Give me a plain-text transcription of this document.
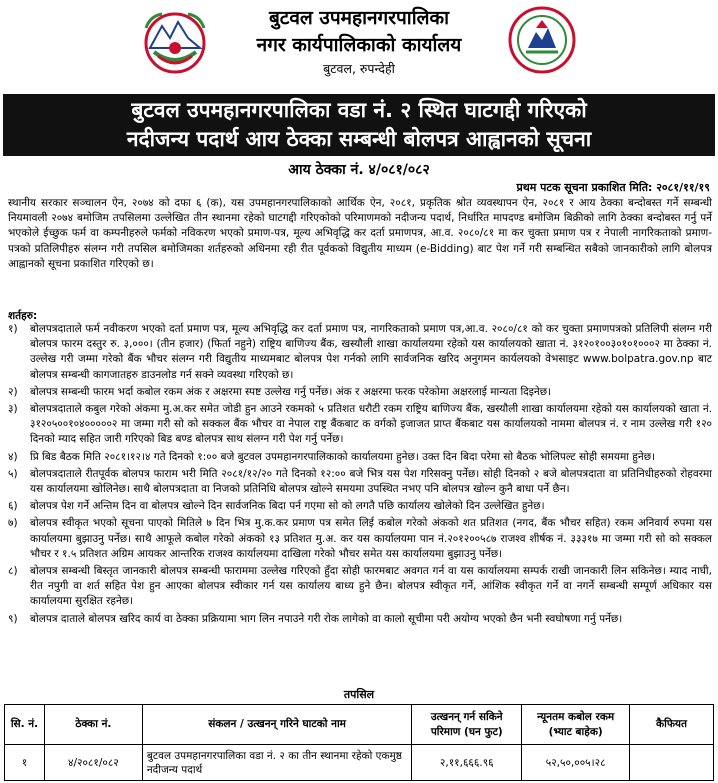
बुटवल उपमहानगरपालिका
नगर कार्यपालिकाको कार्यालय
बुटवल, रुपन्देही
बुटवल उपमहानगरपालिका वडा नं. २ स्थित घाटगद्दी गरिएको
नदीजन्य पदार्थ आय ठेक्का सम्बन्धी बोलपत्र आह्वानको सूचना
आय ठेक्का नं. ४/०८१/०८२
प्रथम पटक सूचना प्रकाशित मिति: २०८१/११/१९
स्थानीय सरकार सञ्चालन ऐन, २०७४ को दफा ६ (क), यस उपमहानगरपालिकाको आर्थिक ऐन, २०८१, प्रकृतिक श्रोत व्यवस्थापन ऐन, २०८१ र आय ठेक्का बन्दोबस्त गर्ने सम्बन्धी नियमावली २०७४ बमोजिम तपसिलमा उल्लेखित तीन स्थानमा रहेको घाटगद्दी गरिएकोको परिमाणमको नदीजन्य पदार्थ, निर्धारित मापदण्ड बमोजिम बिक्रीको लागि ठेक्का बन्दोबस्त गर्नु पर्ने भएकोले ईच्छुक फर्म वा कम्पनीहरुले फर्मको नविकरण भएको प्रमाण-पत्र, मूल्य अभिवृद्धि कर दर्ता प्रमाणपत्र, आ.व. २०८०/८१ मा कर चुक्ता प्रमाण पत्र र नेपाली नागरिकताको प्रमाण-पत्रको प्रतिलिपीहरु संलग्न गरी तपसिल बमोजिमका शर्तहरुको अधिनमा रही रीत पूर्वकको विद्युतीय माध्यम (e-Bidding) बाट पेश गर्ने गरी सम्बन्धित सबैको जानकारीको लागि बोलपत्र आह्वानको सूचना प्रकाशित गरिएको छ।
शर्तहरु:
१)	बोलपत्रदाताले फर्म नवीकरण भएको दर्ता प्रमाण पत्र, मूल्य अभिवृद्धि कर दर्ता प्रमाण पत्र, नागरिकताको प्रमाण पत्र,आ.व. २०८०/८१ को कर चुक्ता प्रमाणपत्रको प्रतिलिपी संलग्न गरी बोलपत्र फारम दस्तुर रु. ३,०००। (तीन हजार) (फिर्ता नहुने) राष्ट्रिय बाणिज्य बैंक, खस्यौली शाखा कार्यालयमा रहेको यस कार्यालयको खाता नं. ३१२०१००३०१०१०००२ मा ठेक्का नं. उल्लेख गरी जम्मा गरेको बैंक भौचर संलग्न गरी विद्युतीय माध्यमबाट बोलपत्र पेश गर्नको लागि सार्वजनिक खरिद अनुगमन कार्यलयको वेभसाइट www.bolpatra.gov.np बाट बोलपत्र सम्बन्धी कागजातहरु डाउनलोड गर्न सक्ने व्यवस्था गरिएको छ।
२)	बोलपत्र सम्बन्धी फारम भर्दा कबोल रकम अंक र अक्षरमा स्पष्ट उल्लेख गर्नु पर्नेछ। अंक र अक्षरमा फरक परेकोमा अक्षरलाई मान्यता दिइनेछ।
३)	बोलपत्रदाताले कबुल गरेको अंकमा मु.अ.कर समेत जोडी हुन आउने रकमको ५ प्रतिशत धरौटी रकम राष्ट्रिय बाणिज्य बैंक, खस्यौली शाखा कार्यालयमा रहेको यस कार्यालयको खाता नं. ३१२०५००१०४०००००२ मा जम्मा गरी सो को सक्कल बैंक भौचर वा नेपाल राष्ट्र बैंकबाट क वर्गको इजाजत प्राप्त बैंकबाट यस कार्यालयको नाममा बोलपत्र नं. र नाम उल्लेख गरी १२० दिनको म्याद सहित जारी गरिएको बिड बण्ड बोलपत्र साथ संलग्न गरी पेश गर्नु पर्नेछ।
४)	प्रि बिड बैठक मिति २०८१।१२।४ गते दिनको १:०० बजे बुटवल उपमहानगरपालिकाको कार्यालयमा हुनेछ। उक्त दिन बिदा परेमा सो बैठक भोलिपल्ट सोही समयमा हुनेछ।
५)	बोलपत्रदाताले रीतपूर्वक बोलपत्र फाराम भरी मिति २०८१/१२/२० गते दिनको १२:०० बजे भित्र यस पेश गरिसक्नु पर्नेछ। सोही दिनको २ बजे बोलपत्रदाता वा प्रतिनिधीहरुको रोहवरमा यस कार्यालयमा खोलिनेछ। साथै बोलपत्रदाता वा निजको प्रतिनिधि बोलपत्र खोल्ने समयमा उपस्थित नभए पनि बोलपत्र खोल्न कुनै बाधा पर्ने छैन।
६)	बोलपत्र पेश गर्ने अन्तिम दिन वा बोलपत्र खोल्ने दिन सार्वजनिक बिदा पर्न गएमा सो को लगतै पछि कार्यालय खोलेको दिन उल्लेखित हुनेछ।
७)	बोलपत्र स्वीकृत भएको सूचना पाएको मितिले ७ दिन भित्र मु.क.कर प्रमाण पत्र समेत लिई कबोल गरेको अंकको शत प्रतिशत (नगद, बैंक भौचर सहित) रकम अनिवार्य रुपमा यस कार्यालयमा बुझाउनु पर्नेछ। साथै आफूले कबोल गरेको अंकको १३ प्रतिशत मु.अ. कर यस कार्यालयमा पान नं.२०१२००५८७ राजश्व शीर्षक नं. ३३३१७ मा जम्मा गरी सो को सक्कल भौचर र १.५ प्रतिशत अग्रिम आयकर आन्तरिक राजश्व कार्यालयमा दाखिला गरेको भौचर समेत यस कार्यालयमा बुझाउनु पर्नेछ।
८)	बोलपत्र सम्बन्धी बिस्तृत जानकारी बोलपत्र सम्बन्धी फाराममा उल्लेख गरिएको हुँदा सोही फारमबाट अवगत गर्न वा यस कार्यालयमा सम्पर्क राखी जानकारी लिन सकिनेछ। म्याद नाघी, रीत नपुगी वा शर्त सहित पेश हुन आएका बोलपत्र स्वीकार गर्न यस कार्यालय बाध्य हुने छैन। बोलपत्र स्वीकृत गर्ने, आंशिक स्वीकृत गर्ने वा नगर्ने सम्बन्धी सम्पूर्ण अधिकार यस कार्यालयमा सुरक्षित रहनेछ।
९)	बोलपत्र दाताले बोलपत्र खरिद कार्य वा ठेक्का प्रक्रियामा भाग लिन नपाउने गरी रोक लागेको वा कालो सूचीमा परी अयोग्य भएको छैन भनी स्वघोषणा गर्नु पर्नेछ।
तपसिल
सि. नं.	ठेक्का नं.	संकलन / उत्खनन् गरिने घाटको नाम	उत्खनन् गर्न सकिने परिमाण (घन फुट)	न्यूनतम कबोल रकम (भ्याट बाहेक)	कैफियत
१	४/२०८१/०८२	बुटवल उपमहानगरपालिका वडा नं. २ का तीन स्थानमा रहेको एकमुष्ठ नदीजन्य पदार्थ	२,११,६६६.९६	५२,५०,००५।२८	
